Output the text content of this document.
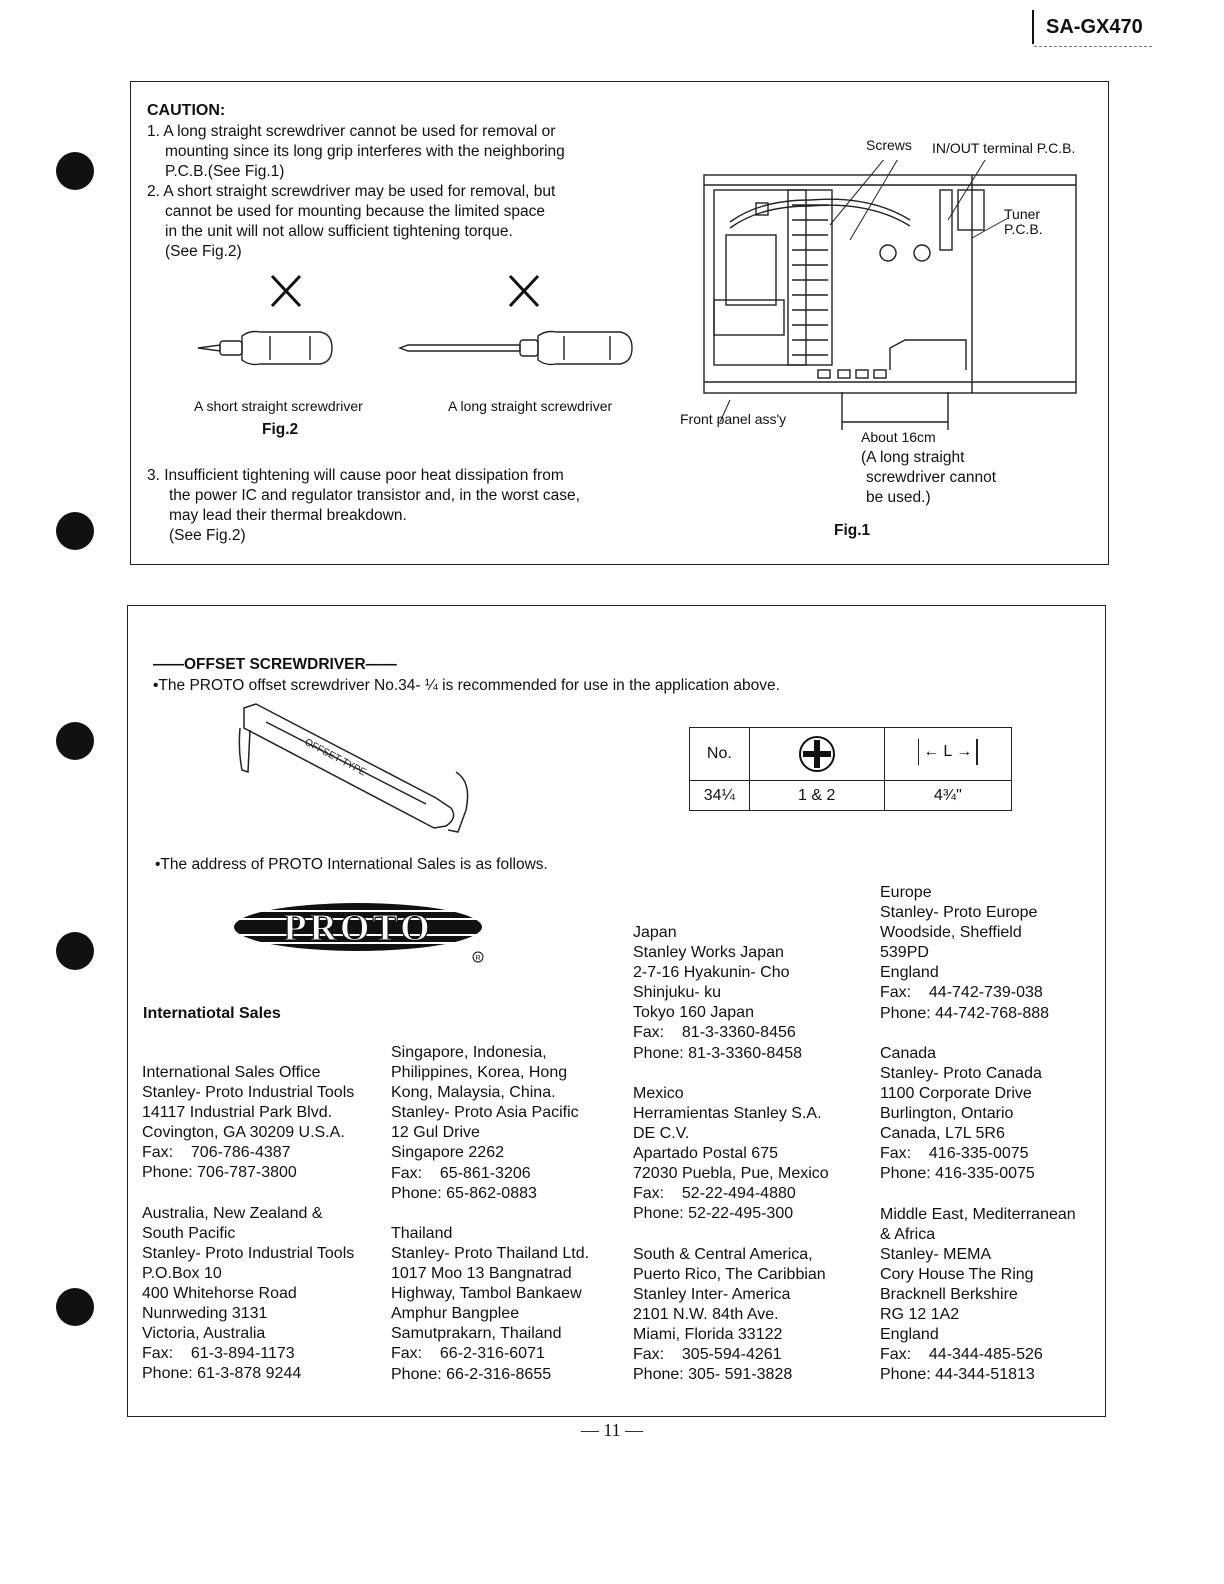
SA-GX470
CAUTION:
1. A long straight screwdriver cannot be used for removal or
mounting since its long grip interferes with the neighboring
P.C.B.(See Fig.1)
2. A short straight screwdriver may be used for removal, but
cannot be used for mounting because the limited space
in the unit will not allow sufficient tightening torque.
(See Fig.2)
A short straight screwdriver	A long straight screwdriver
Fig.2
3. Insufficient tightening will cause poor heat dissipation from
the power IC and regulator transistor and, in the worst case,
may lead their thermal breakdown.
(See Fig.2)
Screws IN/OUT terminal P.C.B.
Tuner
P.C.B.
Front panel ass'y
About 16cm
(A long straight
screwdriver cannot
be used.)
Fig.1
——OFFSET SCREWDRIVER——
•The PROTO offset screwdriver No.34- ¼ is recommended for use in the application above.
OFFSET TYPE	No.		← L →

34¼	1 & 2	4¾"
•The address of PROTO International Sales is as follows.
PROTO
R
Internatiotal Sales
International Sales Office
Stanley- Proto Industrial Tools
14117 Industrial Park Blvd.
Covington, GA 30209 U.S.A.
Fax:    706-786-4387
Phone: 706-787-3800
Australia, New Zealand &
South Pacific
Stanley- Proto Industrial Tools
P.O.Box 10
400 Whitehorse Road
Nunrweding 3131
Victoria, Australia
Fax:    61-3-894-1173
Phone: 61-3-878 9244
Singapore, Indonesia,
Philippines, Korea, Hong
Kong, Malaysia, China.
Stanley- Proto Asia Pacific
12 Gul Drive
Singapore 2262
Fax:    65-861-3206
Phone: 65-862-0883
Thailand
Stanley- Proto Thailand Ltd.
1017 Moo 13 Bangnatrad
Highway, Tambol Bankaew
Amphur Bangplee
Samutprakarn, Thailand
Fax:    66-2-316-6071
Phone: 66-2-316-8655
Japan
Stanley Works Japan
2-7-16 Hyakunin- Cho
Shinjuku- ku
Tokyo 160 Japan
Fax:    81-3-3360-8456
Phone: 81-3-3360-8458
Mexico
Herramientas Stanley S.A.
DE C.V.
Apartado Postal 675
72030 Puebla, Pue, Mexico
Fax:    52-22-494-4880
Phone: 52-22-495-300
South & Central America,
Puerto Rico, The Caribbian
Stanley Inter- America
2101 N.W. 84th Ave.
Miami, Florida 33122
Fax:    305-594-4261
Phone: 305- 591-3828
Europe
Stanley- Proto Europe
Woodside, Sheffield
539PD
England
Fax:    44-742-739-038
Phone: 44-742-768-888
Canada
Stanley- Proto Canada
1100 Corporate Drive
Burlington, Ontario
Canada, L7L 5R6
Fax:    416-335-0075
Phone: 416-335-0075
Middle East, Mediterranean
& Africa
Stanley- MEMA
Cory House The Ring
Bracknell Berkshire
RG 12 1A2
England
Fax:    44-344-485-526
Phone: 44-344-51813
— 11 —
